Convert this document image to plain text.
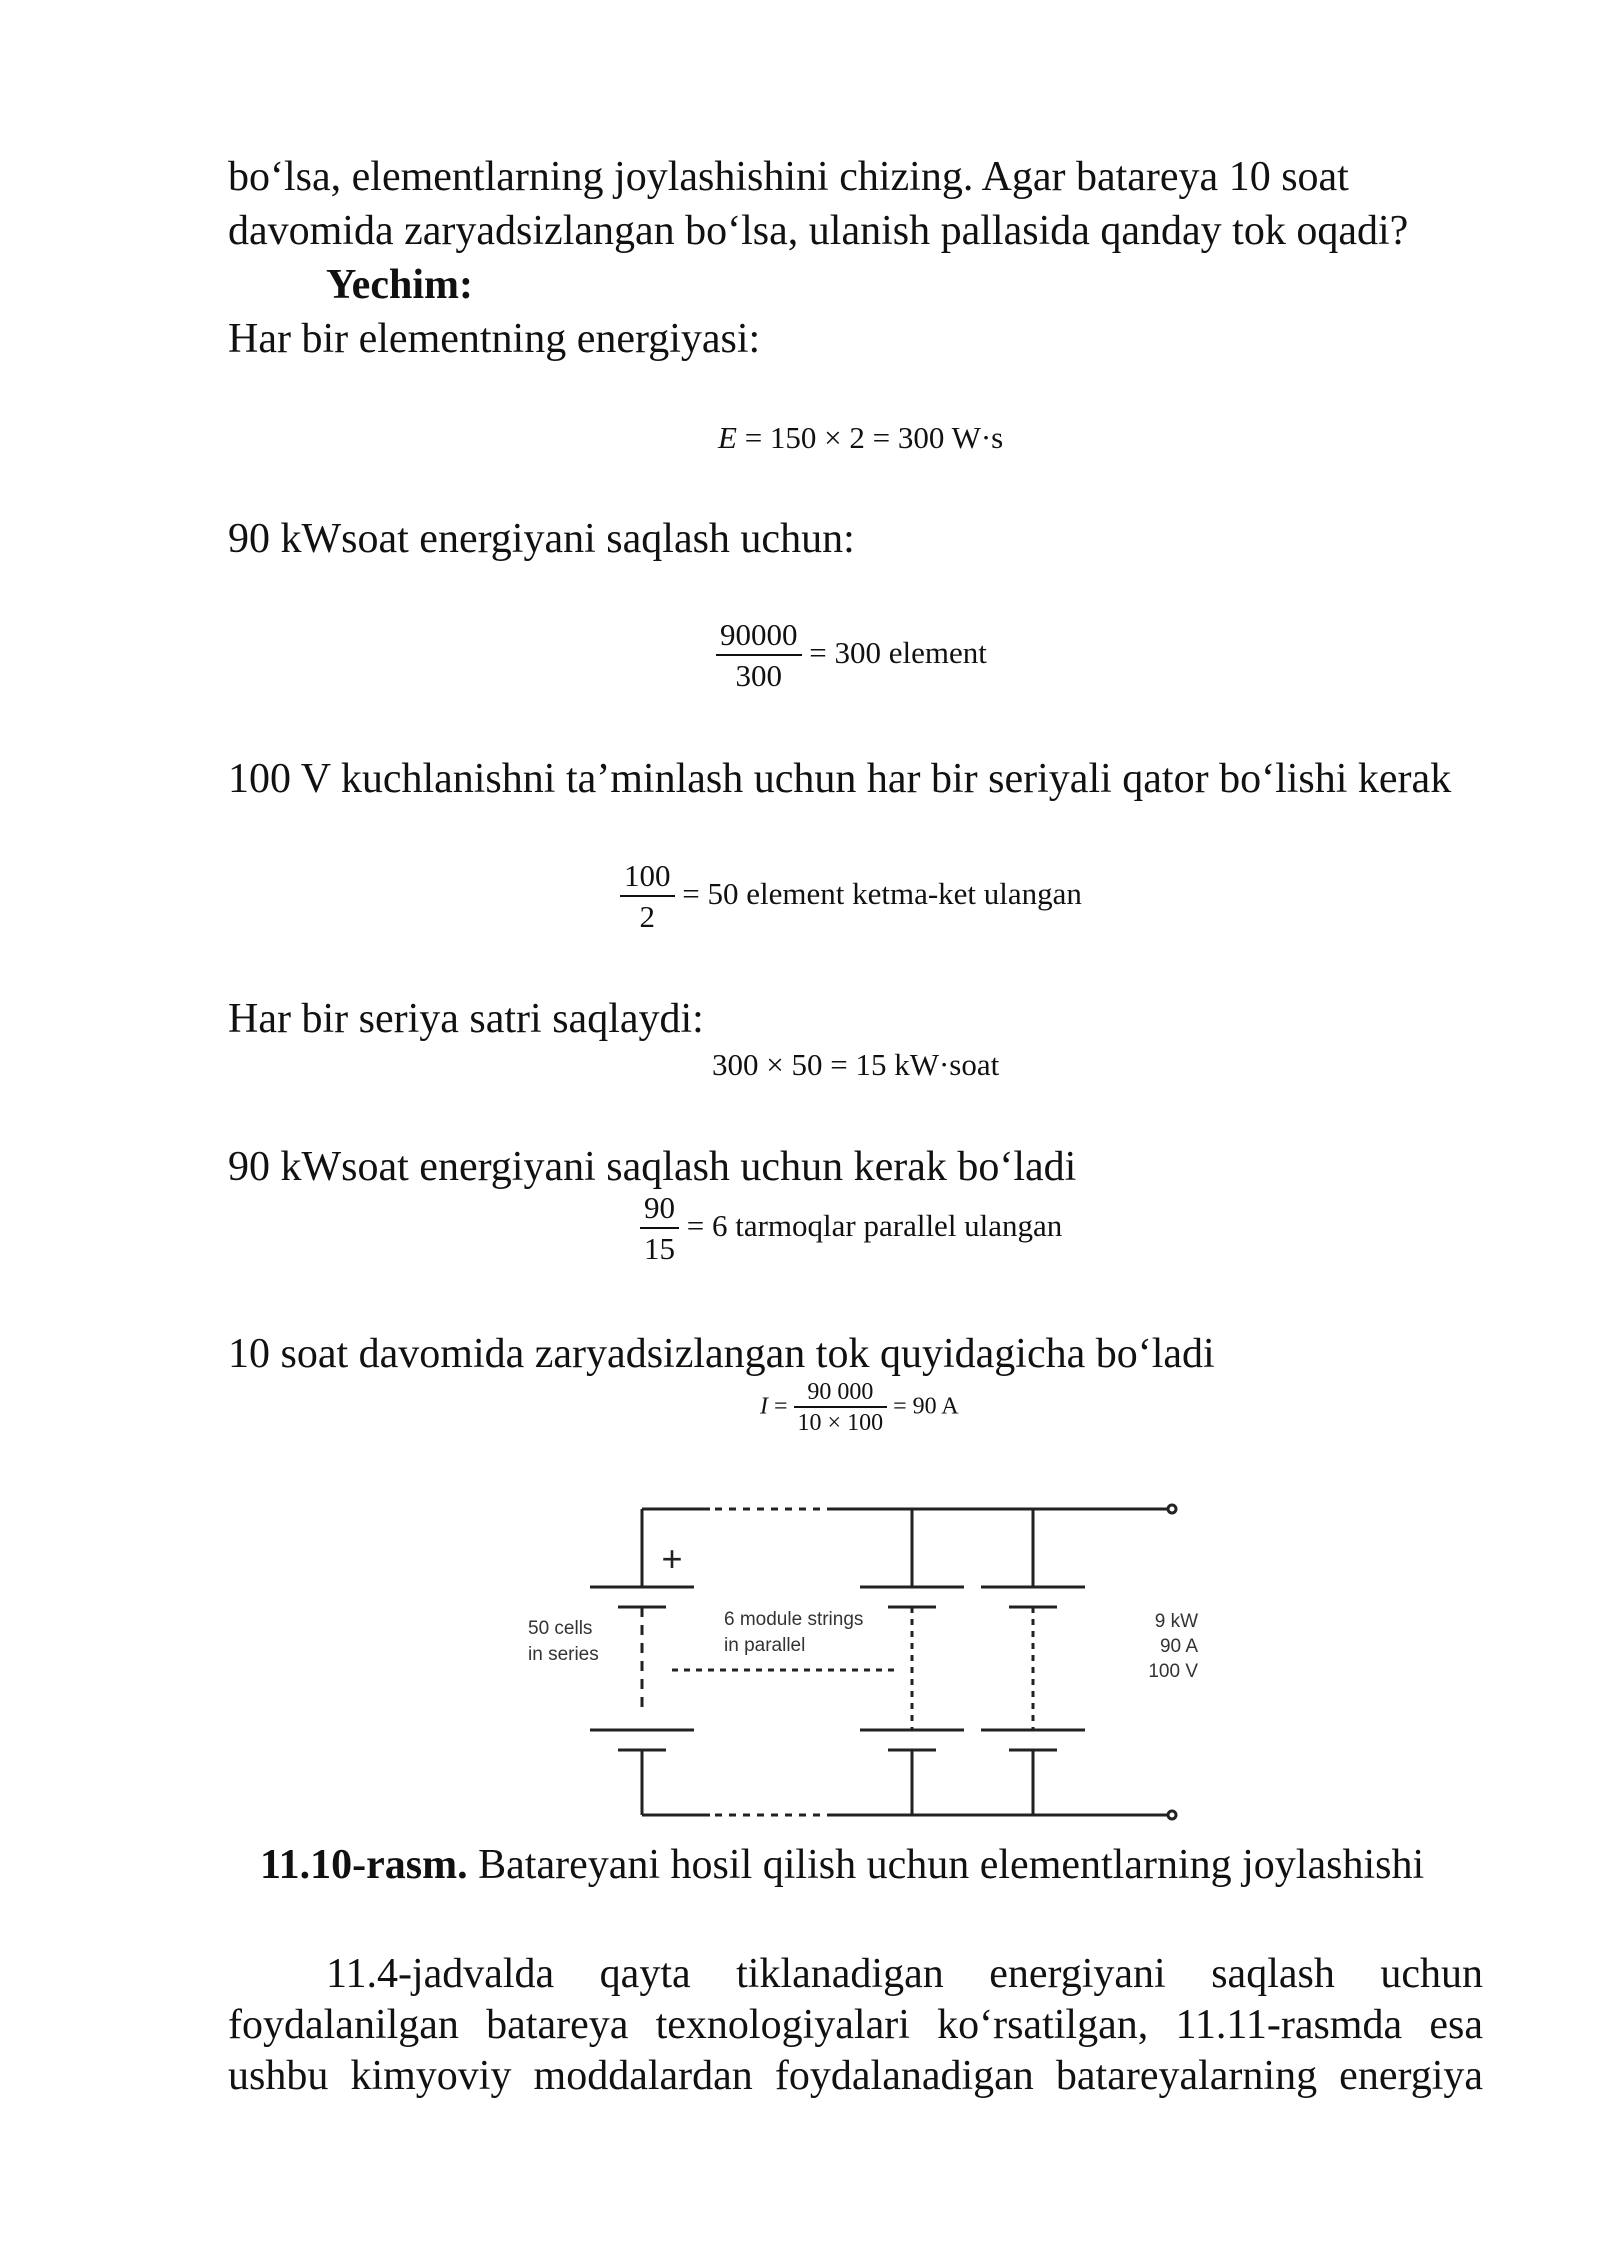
bo‘lsa, elementlarning joylashishini chizing. Agar batareya 10 soat
davomida zaryadsizlangan bo‘lsa, ulanish pallasida qanday tok oqadi?
Yechim:
Har bir elementning energiyasi:
E = 150 × 2 = 300 W·s
90 kWsoat energiyani saqlash uchun:
$\frac{90000}{300} = 300$ element
100 V kuchlanishni ta’minlash uchun har bir seriyali qator bo‘lishi kerak
$\frac{100}{2} = 50$ element ketma-ket ulangan
Har bir seriya satri saqlaydi:
300 × 50 = 15 kW·soat
90 kWsoat energiyani saqlash uchun kerak bo‘ladi
$\frac{90}{15} = 6$ tarmoqlar parallel ulangan
10 soat davomida zaryadsizlangan tok quyidagicha bo‘ladi
$I = \frac{90 000}{10 \times 100} = 90$ A
+
50 cells
in series
6 module strings
in parallel
9 kW
90 A
100 V
11.10-rasm. Batareyani hosil qilish uchun elementlarning joylashishi
11.4-jadvalda qayta tiklanadigan energiyani saqlash uchun
foydalanilgan batareya texnologiyalari ko‘rsatilgan, 11.11-rasmda esa
ushbu kimyoviy moddalardan foydalanadigan batareyalarning energiya
